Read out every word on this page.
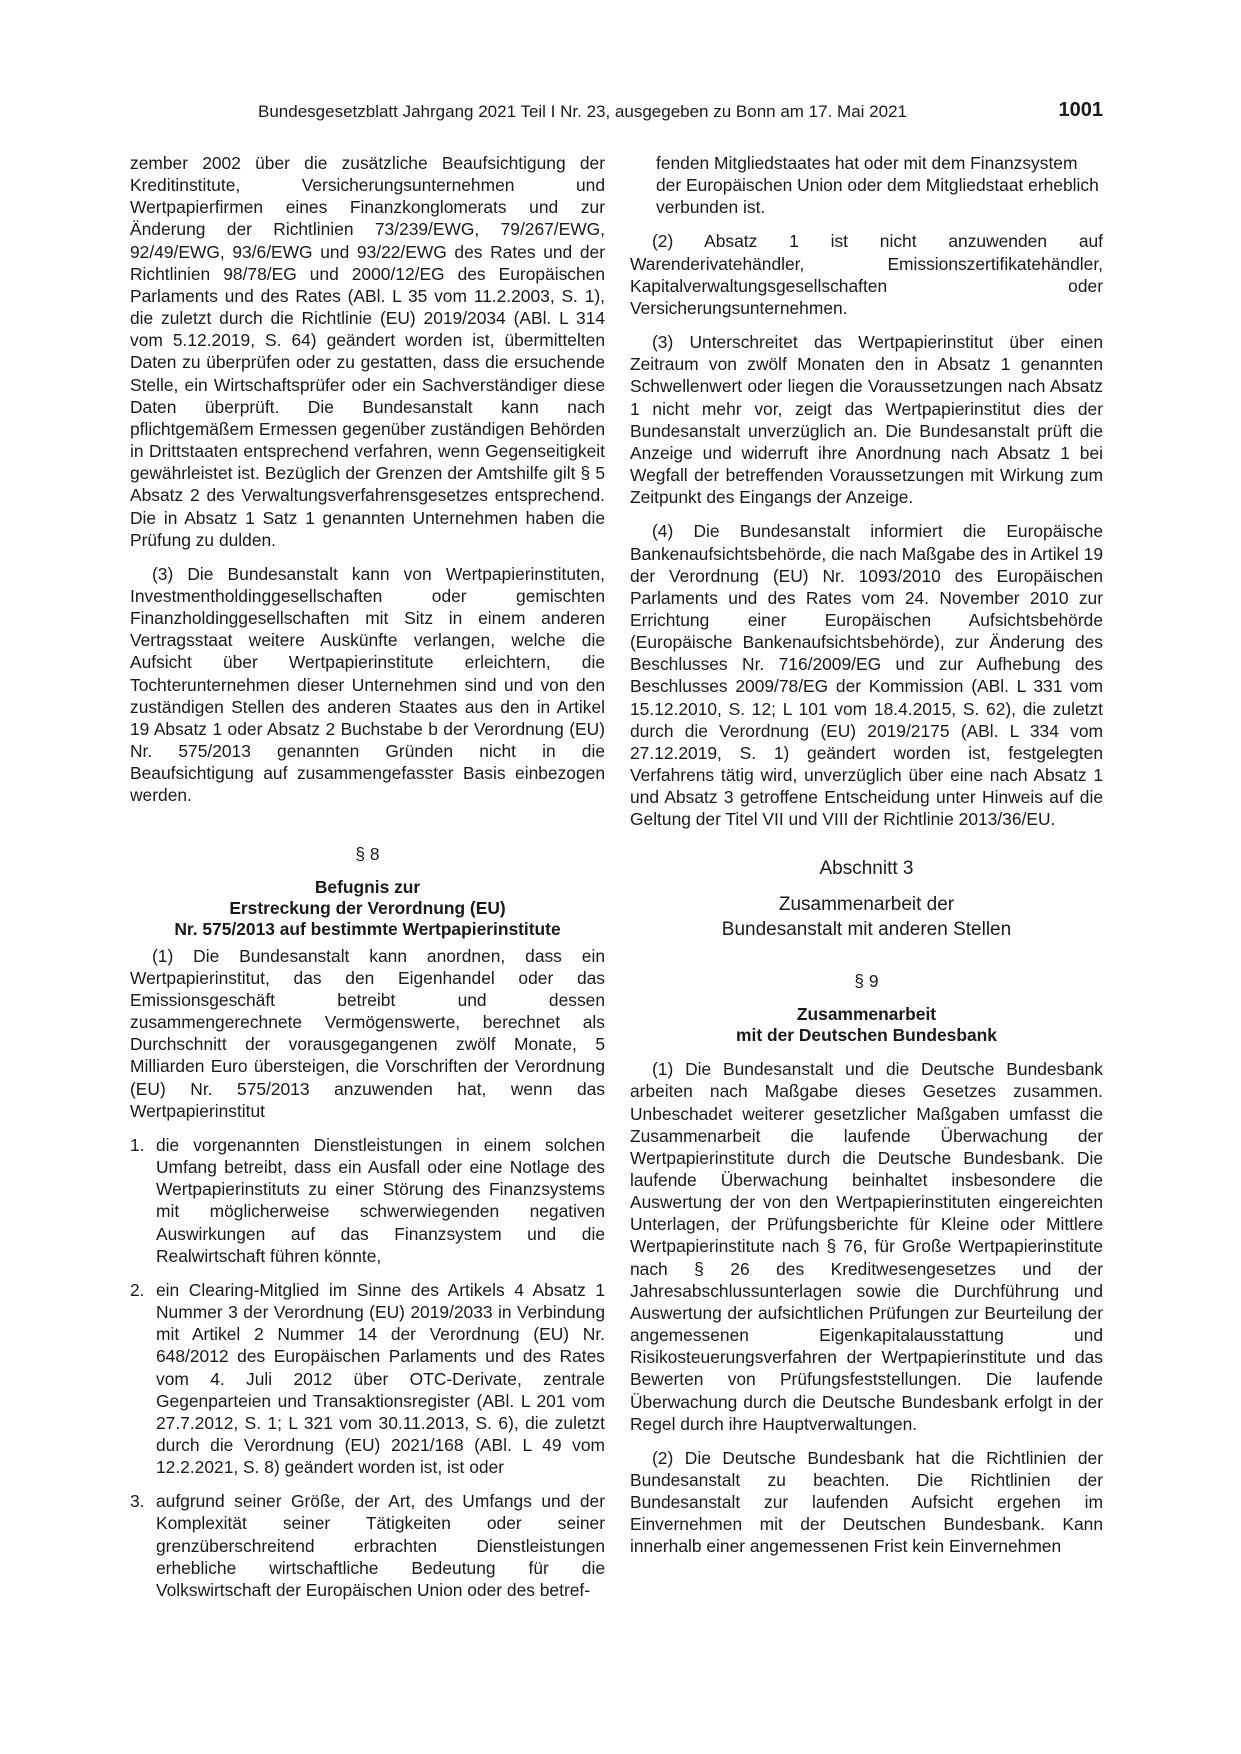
Bundesgesetzblatt Jahrgang 2021 Teil I Nr. 23, ausgegeben zu Bonn am 17. Mai 2021	1001

zember 2002 über die zusätzliche Beaufsichtigung der Kreditinstitute, Versicherungsunternehmen und Wertpapierfirmen eines Finanzkonglomerats und zur Änderung der Richtlinien 73/239/EWG, 79/267/EWG, 92/49/EWG, 93/6/EWG und 93/22/EWG des Rates und der Richtlinien 98/78/EG und 2000/12/EG des Europäischen Parlaments und des Rates (ABl. L 35 vom 11.2.2003, S. 1), die zuletzt durch die Richtlinie (EU) 2019/2034 (ABl. L 314 vom 5.12.2019, S. 64) geändert worden ist, übermittelten Daten zu überprüfen oder zu gestatten, dass die ersuchende Stelle, ein Wirtschaftsprüfer oder ein Sachverständiger diese Daten überprüft. Die Bundesanstalt kann nach pflichtgemäßem Ermessen gegenüber zuständigen Behörden in Drittstaaten entsprechend verfahren, wenn Gegenseitigkeit gewährleistet ist. Bezüglich der Grenzen der Amtshilfe gilt § 5 Absatz 2 des Verwaltungsverfahrensgesetzes entsprechend. Die in Absatz 1 Satz 1 genannten Unternehmen haben die Prüfung zu dulden.

(3) Die Bundesanstalt kann von Wertpapierinstituten, Investmentholdinggesellschaften oder gemischten Finanzholdinggesellschaften mit Sitz in einem anderen Vertragsstaat weitere Auskünfte verlangen, welche die Aufsicht über Wertpapierinstitute erleichtern, die Tochterunternehmen dieser Unternehmen sind und von den zuständigen Stellen des anderen Staates aus den in Artikel 19 Absatz 1 oder Absatz 2 Buchstabe b der Verordnung (EU) Nr. 575/2013 genannten Gründen nicht in die Beaufsichtigung auf zusammengefasster Basis einbezogen werden.

§ 8
Befugnis zur
Erstreckung der Verordnung (EU)
Nr. 575/2013 auf bestimmte Wertpapierinstitute

(1) Die Bundesanstalt kann anordnen, dass ein Wertpapierinstitut, das den Eigenhandel oder das Emissionsgeschäft betreibt und dessen zusammengerechnete Vermögenswerte, berechnet als Durchschnitt der vorausgegangenen zwölf Monate, 5 Milliarden Euro übersteigen, die Vorschriften der Verordnung (EU) Nr. 575/2013 anzuwenden hat, wenn das Wertpapierinstitut

1. die vorgenannten Dienstleistungen in einem solchen Umfang betreibt, dass ein Ausfall oder eine Notlage des Wertpapierinstituts zu einer Störung des Finanzsystems mit möglicherweise schwerwiegenden negativen Auswirkungen auf das Finanzsystem und die Realwirtschaft führen könnte,
2. ein Clearing-Mitglied im Sinne des Artikels 4 Absatz 1 Nummer 3 der Verordnung (EU) 2019/2033 in Verbindung mit Artikel 2 Nummer 14 der Verordnung (EU) Nr. 648/2012 des Europäischen Parlaments und des Rates vom 4. Juli 2012 über OTC-Derivate, zentrale Gegenparteien und Transaktionsregister (ABl. L 201 vom 27.7.2012, S. 1; L 321 vom 30.11.2013, S. 6), die zuletzt durch die Verordnung (EU) 2021/168 (ABl. L 49 vom 12.2.2021, S. 8) geändert worden ist, ist oder
3. aufgrund seiner Größe, der Art, des Umfangs und der Komplexität seiner Tätigkeiten oder seiner grenzüberschreitend erbrachten Dienstleistungen erhebliche wirtschaftliche Bedeutung für die Volkswirtschaft der Europäischen Union oder des betref-

fenden Mitgliedstaates hat oder mit dem Finanzsystem der Europäischen Union oder dem Mitgliedstaat erheblich verbunden ist.

(2) Absatz 1 ist nicht anzuwenden auf Warenderivatehändler, Emissionszertifikatehändler, Kapitalverwaltungsgesellschaften oder Versicherungsunternehmen.

(3) Unterschreitet das Wertpapierinstitut über einen Zeitraum von zwölf Monaten den in Absatz 1 genannten Schwellenwert oder liegen die Voraussetzungen nach Absatz 1 nicht mehr vor, zeigt das Wertpapierinstitut dies der Bundesanstalt unverzüglich an. Die Bundesanstalt prüft die Anzeige und widerruft ihre Anordnung nach Absatz 1 bei Wegfall der betreffenden Voraussetzungen mit Wirkung zum Zeitpunkt des Eingangs der Anzeige.

(4) Die Bundesanstalt informiert die Europäische Bankenaufsichtsbehörde, die nach Maßgabe des in Artikel 19 der Verordnung (EU) Nr. 1093/2010 des Europäischen Parlaments und des Rates vom 24. November 2010 zur Errichtung einer Europäischen Aufsichtsbehörde (Europäische Bankenaufsichtsbehörde), zur Änderung des Beschlusses Nr. 716/2009/EG und zur Aufhebung des Beschlusses 2009/78/EG der Kommission (ABl. L 331 vom 15.12.2010, S. 12; L 101 vom 18.4.2015, S. 62), die zuletzt durch die Verordnung (EU) 2019/2175 (ABl. L 334 vom 27.12.2019, S. 1) geändert worden ist, festgelegten Verfahrens tätig wird, unverzüglich über eine nach Absatz 1 und Absatz 3 getroffene Entscheidung unter Hinweis auf die Geltung der Titel VII und VIII der Richtlinie 2013/36/EU.

Abschnitt 3
Zusammenarbeit der
Bundesanstalt mit anderen Stellen
§ 9
Zusammenarbeit
mit der Deutschen Bundesbank

(1) Die Bundesanstalt und die Deutsche Bundesbank arbeiten nach Maßgabe dieses Gesetzes zusammen. Unbeschadet weiterer gesetzlicher Maßgaben umfasst die Zusammenarbeit die laufende Überwachung der Wertpapierinstitute durch die Deutsche Bundesbank. Die laufende Überwachung beinhaltet insbesondere die Auswertung der von den Wertpapierinstituten eingereichten Unterlagen, der Prüfungsberichte für Kleine oder Mittlere Wertpapierinstitute nach § 76, für Große Wertpapierinstitute nach § 26 des Kreditwesengesetzes und der Jahresabschlussunterlagen sowie die Durchführung und Auswertung der aufsichtlichen Prüfungen zur Beurteilung der angemessenen Eigenkapitalausstattung und Risikosteuerungsverfahren der Wertpapierinstitute und das Bewerten von Prüfungsfeststellungen. Die laufende Überwachung durch die Deutsche Bundesbank erfolgt in der Regel durch ihre Hauptverwaltungen.

(2) Die Deutsche Bundesbank hat die Richtlinien der Bundesanstalt zu beachten. Die Richtlinien der Bundesanstalt zur laufenden Aufsicht ergehen im Einvernehmen mit der Deutschen Bundesbank. Kann innerhalb einer angemessenen Frist kein Einvernehmen
